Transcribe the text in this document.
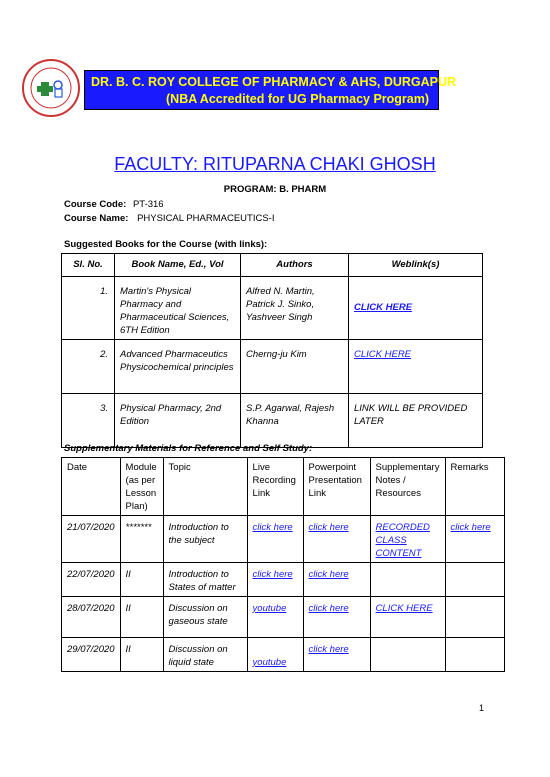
DR. B. C. ROY COLLEGE OF PHARMACY & AHS, DURGAPUR
(NBA Accredited for UG Pharmacy Program)
FACULTY: RITUPARNA CHAKI GHOSH
PROGRAM: B. PHARM
Course Code: PT-316
Course Name: PHYSICAL PHARMACEUTICS-I
Suggested Books for the Course (with links):
Sl. No.	Book Name, Ed., Vol	Authors	Weblink(s)
1.	Martin's Physical Pharmacy and Pharmaceutical Sciences, 6TH Edition	Alfred N. Martin, Patrick J. Sinko, Yashveer Singh	CLICK HERE
2.	Advanced Pharmaceutics Physicochemical principles	Cherng-ju Kim	CLICK HERE
3.	Physical Pharmacy, 2nd Edition	S.P. Agarwal, Rajesh Khanna	LINK WILL BE PROVIDED LATER
Supplementary Materials for Reference and Self Study:
Date	Module (as per Lesson Plan)	Topic	Live Recording Link	Powerpoint Presentation Link	Supplementary Notes / Resources	Remarks
21/07/2020	*******	Introduction to the subject	click here	click here	RECORDED CLASS CONTENT	click here
22/07/2020	II	Introduction to States of matter	click here	click here		
28/07/2020	II	Discussion on gaseous state	youtube	click here	CLICK HERE	
29/07/2020	II	Discussion on liquid state	youtube	click here		
1
